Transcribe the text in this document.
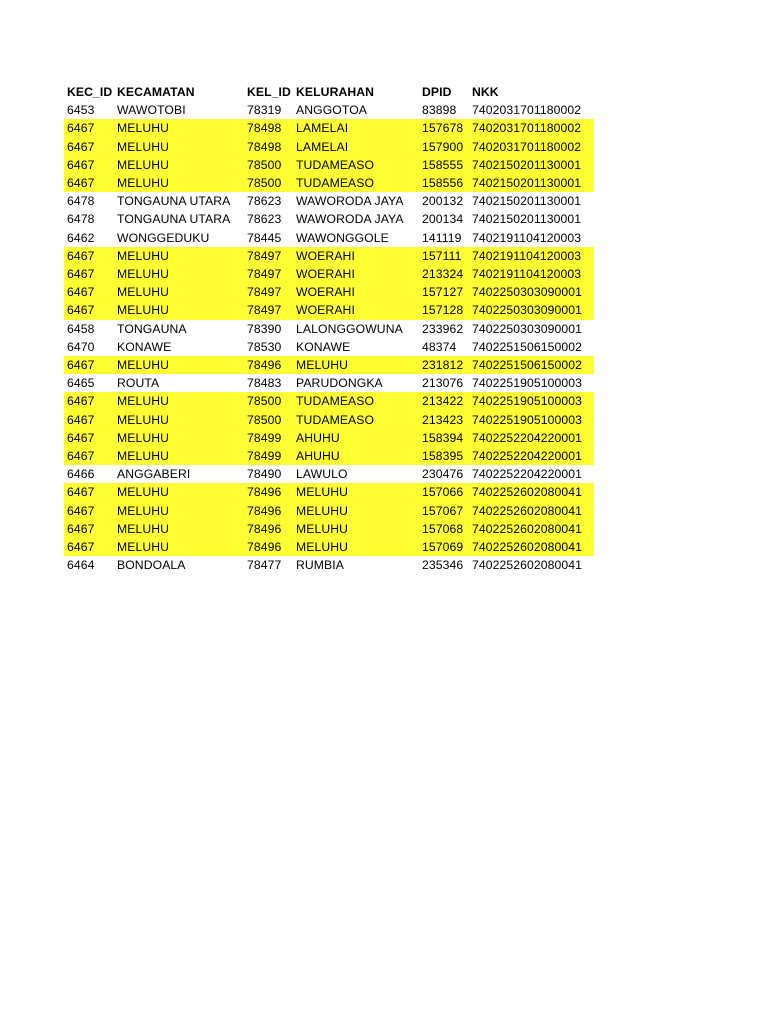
KEC_ID	KECAMATAN	KEL_ID	KELURAHAN	DPID	NKK
6453	WAWOTOBI	78319	ANGGOTOA	83898	7402031701180002
6467	MELUHU	78498	LAMELAI	157678	7402031701180002
6467	MELUHU	78498	LAMELAI	157900	7402031701180002
6467	MELUHU	78500	TUDAMEASO	158555	7402150201130001
6467	MELUHU	78500	TUDAMEASO	158556	7402150201130001
6478	TONGAUNA UTARA	78623	WAWORODA JAYA	200132	7402150201130001
6478	TONGAUNA UTARA	78623	WAWORODA JAYA	200134	7402150201130001
6462	WONGGEDUKU	78445	WAWONGGOLE	141119	7402191104120003
6467	MELUHU	78497	WOERAHI	157111	7402191104120003
6467	MELUHU	78497	WOERAHI	213324	7402191104120003
6467	MELUHU	78497	WOERAHI	157127	7402250303090001
6467	MELUHU	78497	WOERAHI	157128	7402250303090001
6458	TONGAUNA	78390	LALONGGOWUNA	233962	7402250303090001
6470	KONAWE	78530	KONAWE	48374	7402251506150002
6467	MELUHU	78496	MELUHU	231812	7402251506150002
6465	ROUTA	78483	PARUDONGKA	213076	7402251905100003
6467	MELUHU	78500	TUDAMEASO	213422	7402251905100003
6467	MELUHU	78500	TUDAMEASO	213423	7402251905100003
6467	MELUHU	78499	AHUHU	158394	7402252204220001
6467	MELUHU	78499	AHUHU	158395	7402252204220001
6466	ANGGABERI	78490	LAWULO	230476	7402252204220001
6467	MELUHU	78496	MELUHU	157066	7402252602080041
6467	MELUHU	78496	MELUHU	157067	7402252602080041
6467	MELUHU	78496	MELUHU	157068	7402252602080041
6467	MELUHU	78496	MELUHU	157069	7402252602080041
6464	BONDOALA	78477	RUMBIA	235346	7402252602080041
